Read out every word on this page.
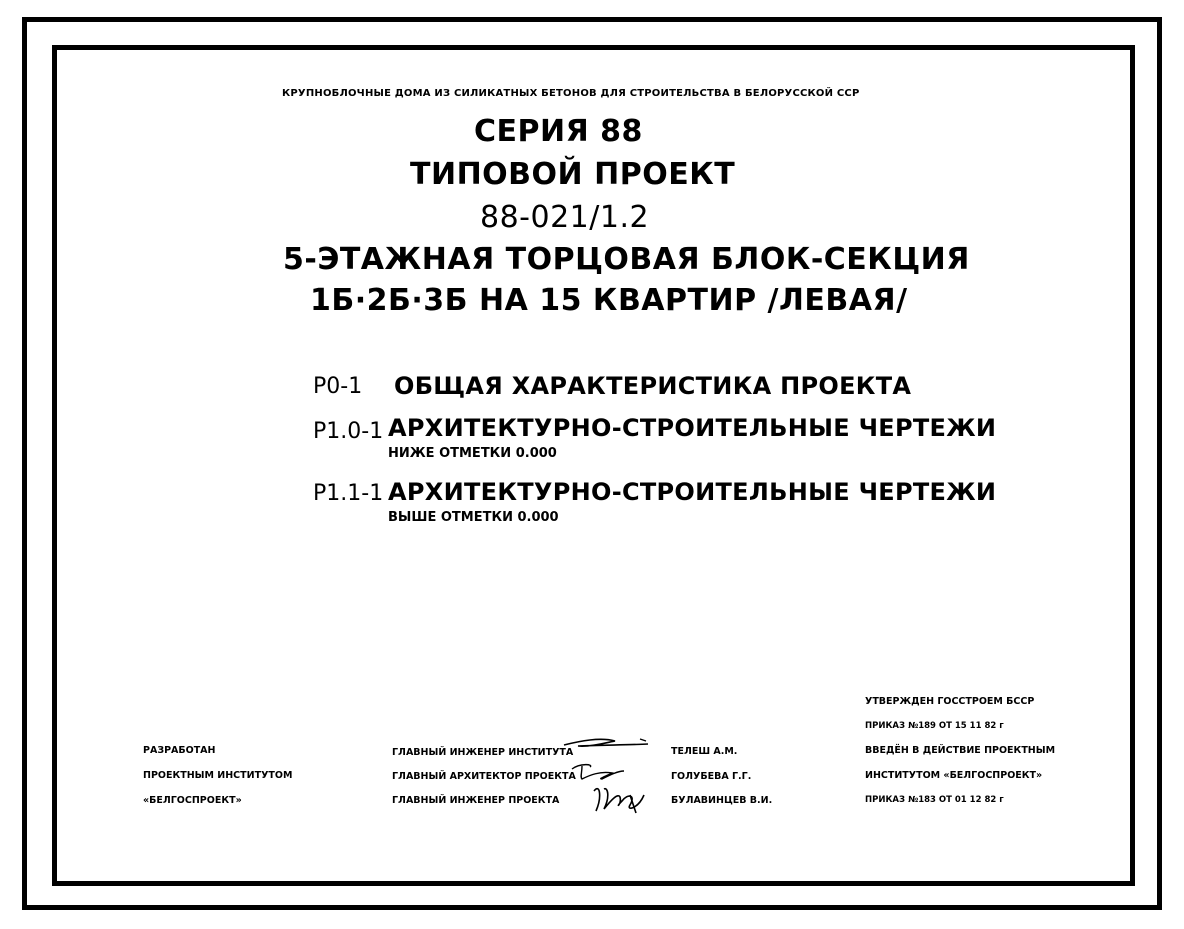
КРУПНОБЛОЧНЫЕ ДОМА ИЗ СИЛИКАТНЫХ БЕТОНОВ ДЛЯ СТРОИТЕЛЬСТВА В БЕЛОРУССКОЙ ССР
СЕРИЯ 88
ТИПОВОЙ ПРОЕКТ
88-021/1.2
5-ЭТАЖНАЯ ТОРЦОВАЯ БЛОК-СЕКЦИЯ
1Б·2Б·3Б НА 15 КВАРТИР /ЛЕВАЯ/
Р0-1 ОБЩАЯ ХАРАКТЕРИСТИКА ПРОЕКТА
Р1.0-1 АРХИТЕКТУРНО-СТРОИТЕЛЬНЫЕ ЧЕРТЕЖИ
НИЖЕ ОТМЕТКИ 0.000
Р1.1-1 АРХИТЕКТУРНО-СТРОИТЕЛЬНЫЕ ЧЕРТЕЖИ
ВЫШЕ ОТМЕТКИ 0.000
РАЗРАБОТАН
ПРОЕКТНЫМ ИНСТИТУТОМ
«БЕЛГОСПРОЕКТ»
ГЛАВНЫЙ ИНЖЕНЕР ИНСТИТУТА
ГЛАВНЫЙ АРХИТЕКТОР ПРОЕКТА
ГЛАВНЫЙ ИНЖЕНЕР ПРОЕКТА
ТЕЛЕШ А.М.
ГОЛУБЕВА Г.Г.
БУЛАВИНЦЕВ В.И.
УТВЕРЖДЕН ГОССТРОЕМ БССР
ПРИКАЗ №189 ОТ 15 11 82 г
ВВЕДЁН В ДЕЙСТВИЕ ПРОЕКТНЫМ
ИНСТИТУТОМ «БЕЛГОСПРОЕКТ»
ПРИКАЗ №183 ОТ 01 12 82 г
